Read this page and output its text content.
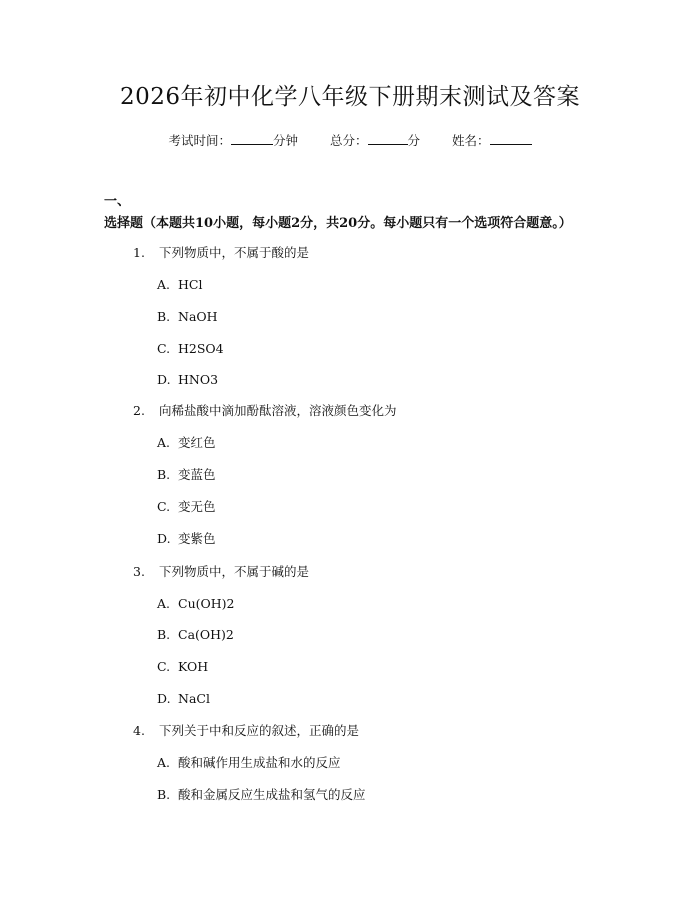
2026年初中化学八年级下册期末测试及答案
考试时间：	分钟	总分：	分	姓名：
一、选择题（本题共10小题，每小题2分，共20分。每小题只有一个选项符合题意。）
1. 下列物质中，不属于酸的是
A. HCl
B. NaOH
C. H2SO4
D. HNO3
2. 向稀盐酸中滴加酚酞溶液，溶液颜色变化为
A. 变红色
B. 变蓝色
C. 变无色
D. 变紫色
3. 下列物质中，不属于碱的是
A. Cu(OH)2
B. Ca(OH)2
C. KOH
D. NaCl
4. 下列关于中和反应的叙述，正确的是
A. 酸和碱作用生成盐和水的反应
B. 酸和金属反应生成盐和氢气的反应
